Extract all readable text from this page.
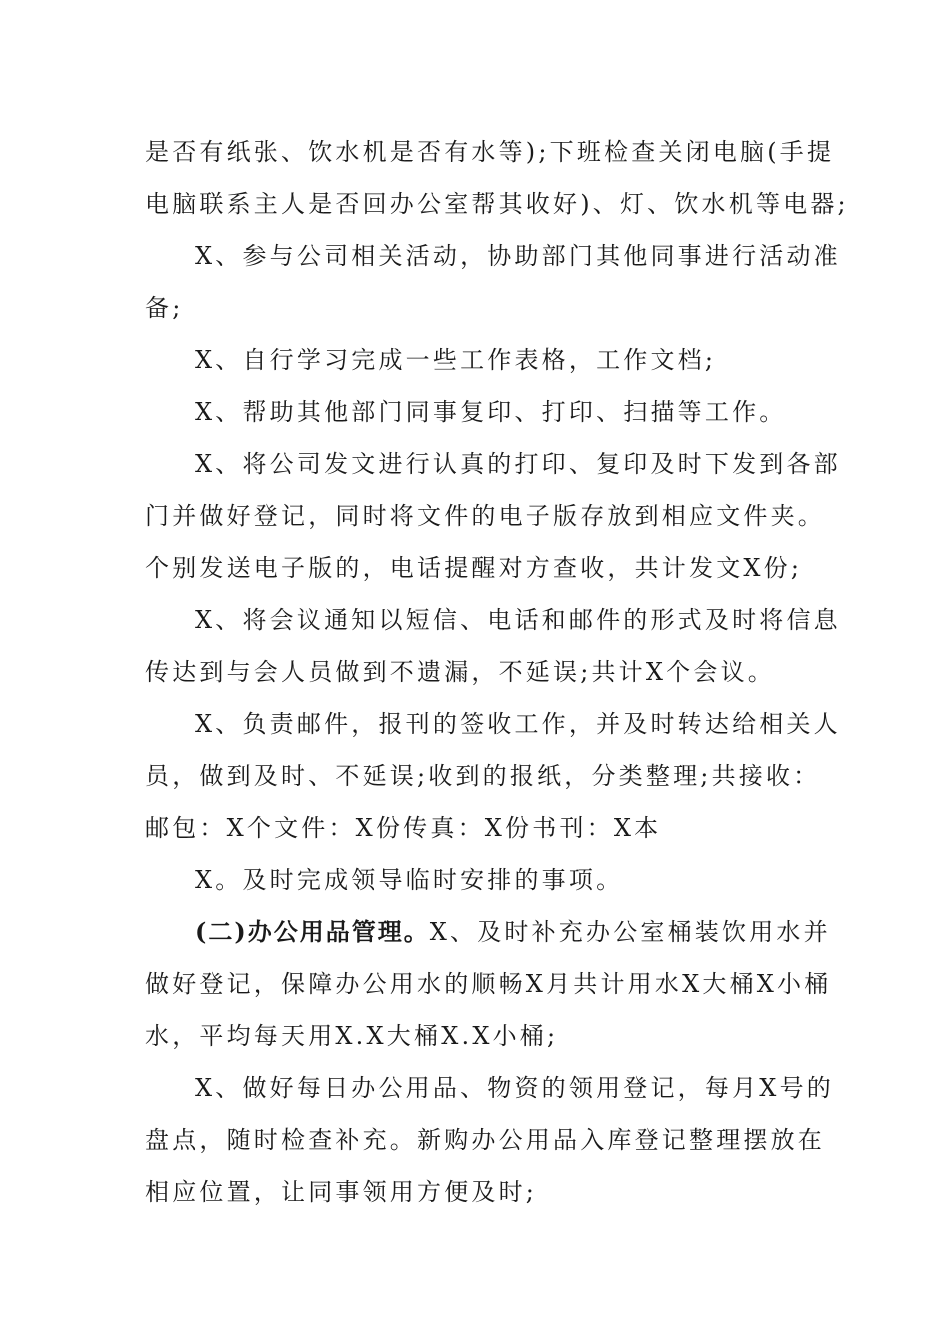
是否有纸张、饮水机是否有水等);下班检查关闭电脑(手提
电脑联系主人是否回办公室帮其收好)、灯、饮水机等电器;
X、参与公司相关活动，协助部门其他同事进行活动准
备;
X、自行学习完成一些工作表格，工作文档;
X、帮助其他部门同事复印、打印、扫描等工作。
X、将公司发文进行认真的打印、复印及时下发到各部
门并做好登记，同时将文件的电子版存放到相应文件夹。
个别发送电子版的，电话提醒对方查收，共计发文X份;
X、将会议通知以短信、电话和邮件的形式及时将信息
传达到与会人员做到不遗漏，不延误;共计X个会议。
X、负责邮件，报刊的签收工作，并及时转达给相关人
员，做到及时、不延误;收到的报纸，分类整理;共接收：
邮包：X个文件：X份传真：X份书刊：X本
X。及时完成领导临时安排的事项。
(二)办公用品管理。X、及时补充办公室桶装饮用水并
做好登记，保障办公用水的顺畅X月共计用水X大桶X小桶
水，平均每天用X.X大桶X.X小桶;
X、做好每日办公用品、物资的领用登记，每月X号的
盘点，随时检查补充。新购办公用品入库登记整理摆放在
相应位置，让同事领用方便及时;
